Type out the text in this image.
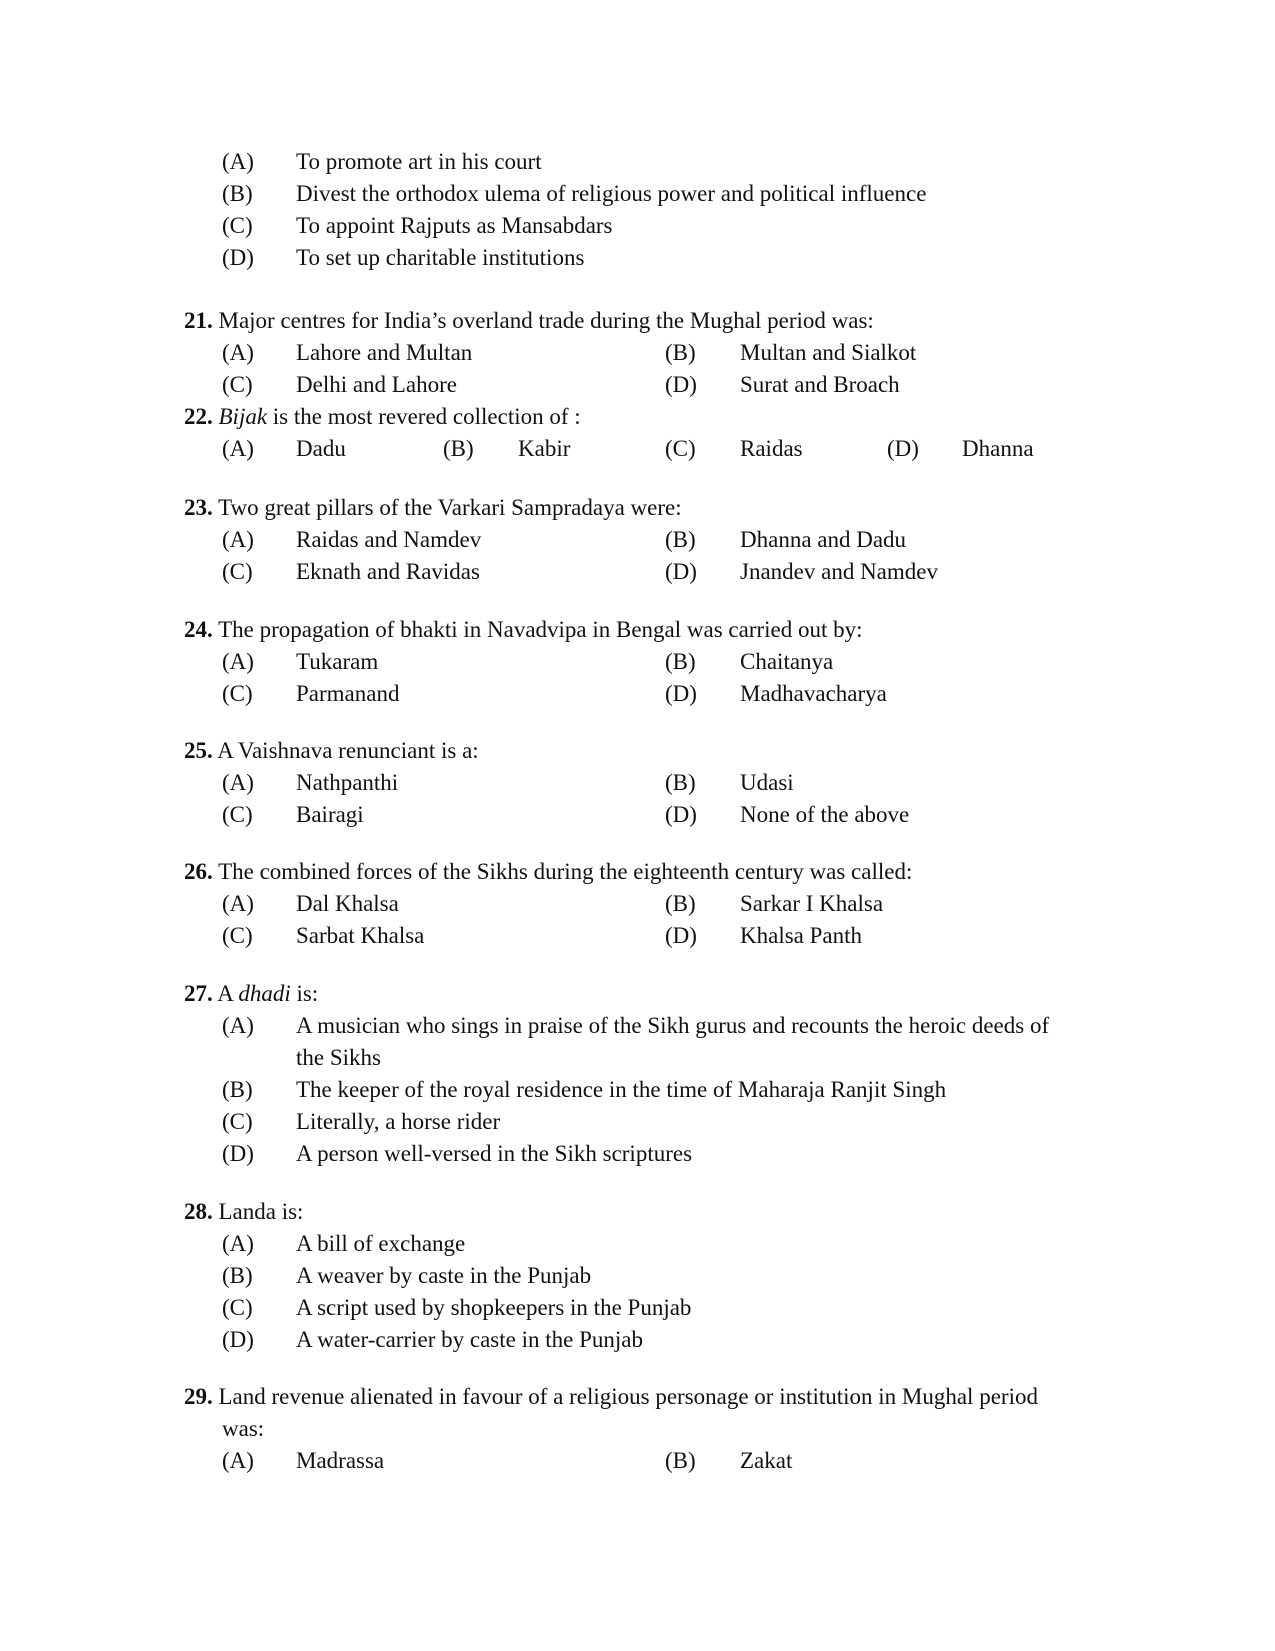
(A) To promote art in his court
(B) Divest the orthodox ulema of religious power and political influence
(C) To appoint Rajputs as Mansabdars
(D) To set up charitable institutions
21. Major centres for India’s overland trade during the Mughal period was:
(A) Lahore and Multan	(B) Multan and Sialkot
(C) Delhi and Lahore	(D) Surat and Broach
22. Bijak is the most revered collection of :
(A) Dadu	(B) Kabir	(C) Raidas	(D) Dhanna
23. Two great pillars of the Varkari Sampradaya were:
(A) Raidas and Namdev	(B) Dhanna and Dadu
(C) Eknath and Ravidas	(D) Jnandev and Namdev
24. The propagation of bhakti in Navadvipa in Bengal was carried out by:
(A) Tukaram	(B) Chaitanya
(C) Parmanand	(D) Madhavacharya
25. A Vaishnava renunciant is a:
(A) Nathpanthi	(B) Udasi
(C) Bairagi	(D) None of the above
26. The combined forces of the Sikhs during the eighteenth century was called:
(A) Dal Khalsa	(B) Sarkar I Khalsa
(C) Sarbat Khalsa	(D) Khalsa Panth
27. A dhadi is:
(A) A musician who sings in praise of the Sikh gurus and recounts the heroic deeds of
the Sikhs
(B) The keeper of the royal residence in the time of Maharaja Ranjit Singh
(C) Literally, a horse rider
(D) A person well-versed in the Sikh scriptures
28. Landa is:
(A) A bill of exchange
(B) A weaver by caste in the Punjab
(C) A script used by shopkeepers in the Punjab
(D) A water-carrier by caste in the Punjab
29. Land revenue alienated in favour of a religious personage or institution in Mughal period
was:
(A) Madrassa	(B) Zakat
